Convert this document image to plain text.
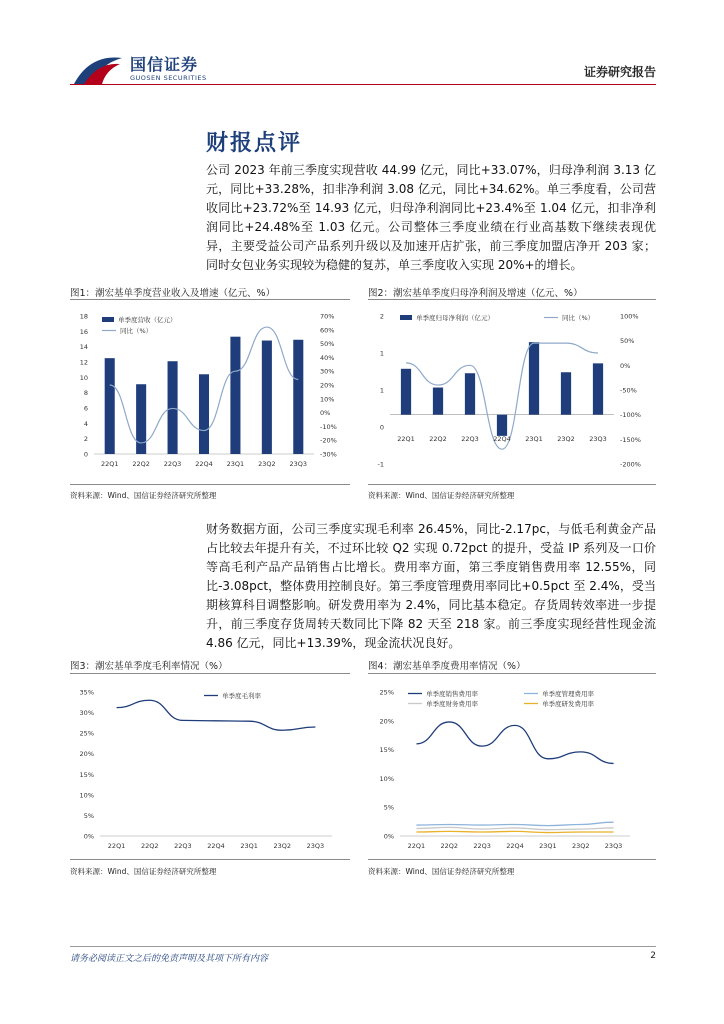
国信证券
GUOSEN SECURITIES	证券研究报告
财报点评
公司 2023 年前三季度实现营收 44.99 亿元，同比+33.07%，归母净利润 3.13 亿元，同比+33.28%，扣非净利润 3.08 亿元，同比+34.62%。单三季度看，公司营收同比+23.72%至 14.93 亿元，归母净利润同比+23.4%至 1.04 亿元，扣非净利润同比+24.48%至 1.03 亿元。公司整体三季度业绩在行业高基数下继续表现优异，主要受益公司产品系列升级以及加速开店扩张，前三季度加盟店净开 203 家；同时女包业务实现较为稳健的复苏，单三季度收入实现 20%+的增长。
图1：潮宏基单季度营业收入及增速（亿元、%）
0
2
4
6
8
10
12
14
16
18
-30%
-20%
-10%
0%
10%
20%
30%
40%
50%
60%
70%
22Q1 22Q2 22Q3 22Q4 23Q1 23Q2 23Q3
单季度营收（亿元）
同比（%）
资料来源：Wind、国信证券经济研究所整理
图2：潮宏基单季度归母净利润及增速（亿元、%）
-1
0
1
1
2
-200%
-150%
-100%
-50%
0%
50%
100%
22Q1 22Q2 22Q3 22Q4 23Q1 23Q2 23Q3
单季度归母净利润（亿元）	同比（%）
资料来源：Wind、国信证券经济研究所整理
财务数据方面，公司三季度实现毛利率 26.45%，同比-2.17pc，与低毛利黄金产品占比较去年提升有关，不过环比较 Q2 实现 0.72pct 的提升，受益 IP 系列及一口价等高毛利产品产品销售占比增长。费用率方面，第三季度销售费用率 12.55%，同比-3.08pct，整体费用控制良好。第三季度管理费用率同比+0.5pct 至 2.4%，受当期核算科目调整影响。研发费用率为 2.4%，同比基本稳定。存货周转效率进一步提升，前三季度存货周转天数同比下降 82 天至 218 家。前三季度实现经营性现金流 4.86 亿元，同比+13.39%，现金流状况良好。
图3：潮宏基单季度毛利率情况（%）
0%
5%
10%
15%
20%
25%
30%
35%	单季度毛利率
22Q1 22Q2 22Q3 22Q4 23Q1 23Q2 23Q3
资料来源：Wind、国信证券经济研究所整理
图4：潮宏基单季度费用率情况（%）
0%
5%
10%
15%
20%
25%	单季度销售费用率	单季度管理费用率
单季度财务费用率	单季度研发费用率
22Q1 22Q2 22Q3 22Q4 23Q1 23Q2 23Q3
资料来源：Wind、国信证券经济研究所整理
请务必阅读正文之后的免责声明及其项下所有内容	2
